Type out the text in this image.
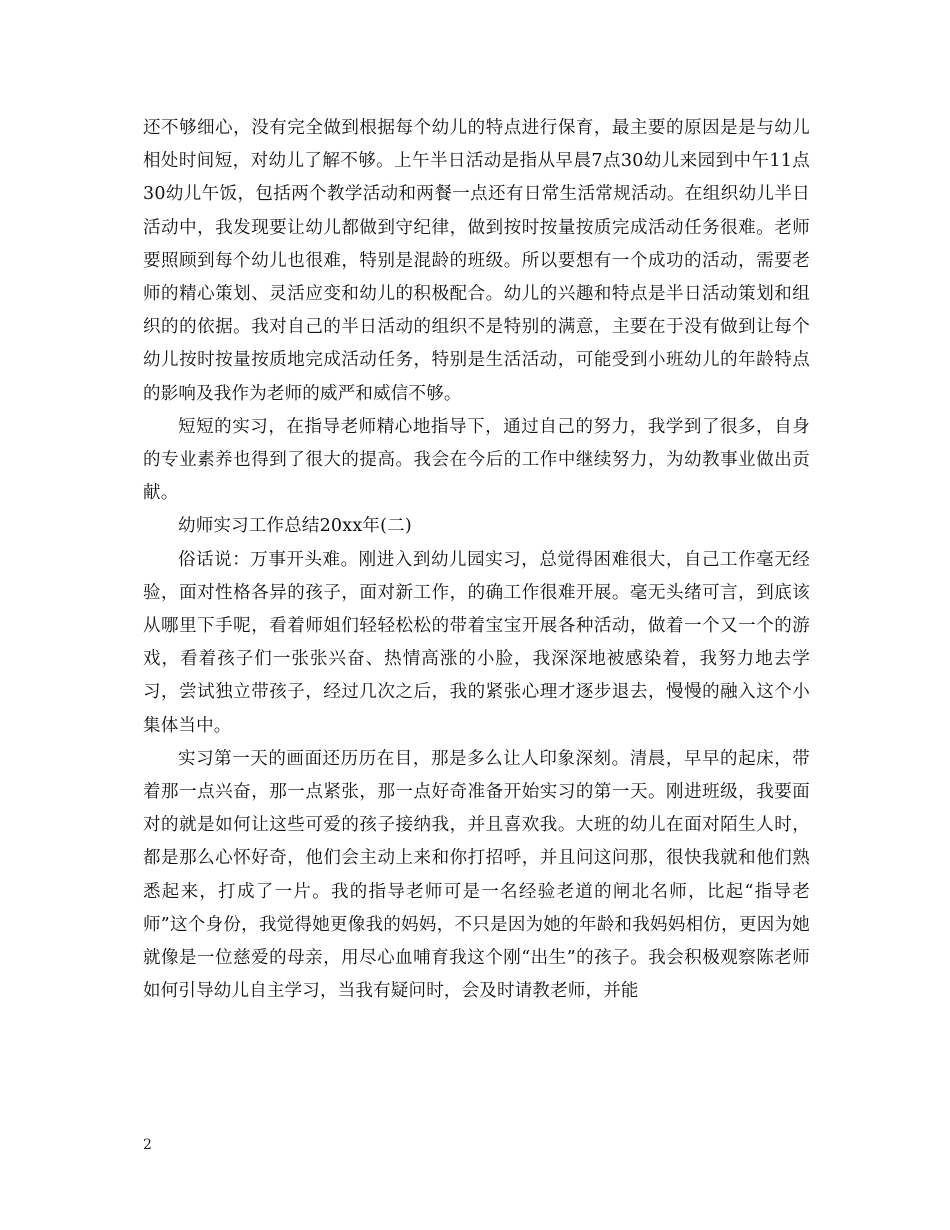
还不够细心，没有完全做到根据每个幼儿的特点进行保育，最主要的原因是是与幼儿相处时间短，对幼儿了解不够。上午半日活动是指从早晨7点30幼儿来园到中午11点30幼儿午饭，包括两个教学活动和两餐一点还有日常生活常规活动。在组织幼儿半日活动中，我发现要让幼儿都做到守纪律，做到按时按量按质完成活动任务很难。老师要照顾到每个幼儿也很难，特别是混龄的班级。所以要想有一个成功的活动，需要老师的精心策划、灵活应变和幼儿的积极配合。幼儿的兴趣和特点是半日活动策划和组织的的依据。我对自己的半日活动的组织不是特别的满意，主要在于没有做到让每个幼儿按时按量按质地完成活动任务，特别是生活活动，可能受到小班幼儿的年龄特点的影响及我作为老师的威严和威信不够。

短短的实习，在指导老师精心地指导下，通过自己的努力，我学到了很多，自身的专业素养也得到了很大的提高。我会在今后的工作中继续努力，为幼教事业做出贡献。

幼师实习工作总结20xx年(二)

俗话说：万事开头难。刚进入到幼儿园实习，总觉得困难很大，自己工作毫无经验，面对性格各异的孩子，面对新工作，的确工作很难开展。毫无头绪可言，到底该从哪里下手呢，看着师姐们轻轻松松的带着宝宝开展各种活动，做着一个又一个的游戏，看着孩子们一张张兴奋、热情高涨的小脸，我深深地被感染着，我努力地去学习，尝试独立带孩子，经过几次之后，我的紧张心理才逐步退去，慢慢的融入这个小集体当中。

实习第一天的画面还历历在目，那是多么让人印象深刻。清晨，早早的起床，带着那一点兴奋，那一点紧张，那一点好奇准备开始实习的第一天。刚进班级，我要面对的就是如何让这些可爱的孩子接纳我，并且喜欢我。大班的幼儿在面对陌生人时，都是那么心怀好奇，他们会主动上来和你打招呼，并且问这问那，很快我就和他们熟悉起来，打成了一片。我的指导老师可是一名经验老道的闸北名师，比起“指导老师”这个身份，我觉得她更像我的妈妈，不只是因为她的年龄和我妈妈相仿，更因为她就像是一位慈爱的母亲，用尽心血哺育我这个刚“出生”的孩子。我会积极观察陈老师如何引导幼儿自主学习，当我有疑问时，会及时请教老师，并能

2
